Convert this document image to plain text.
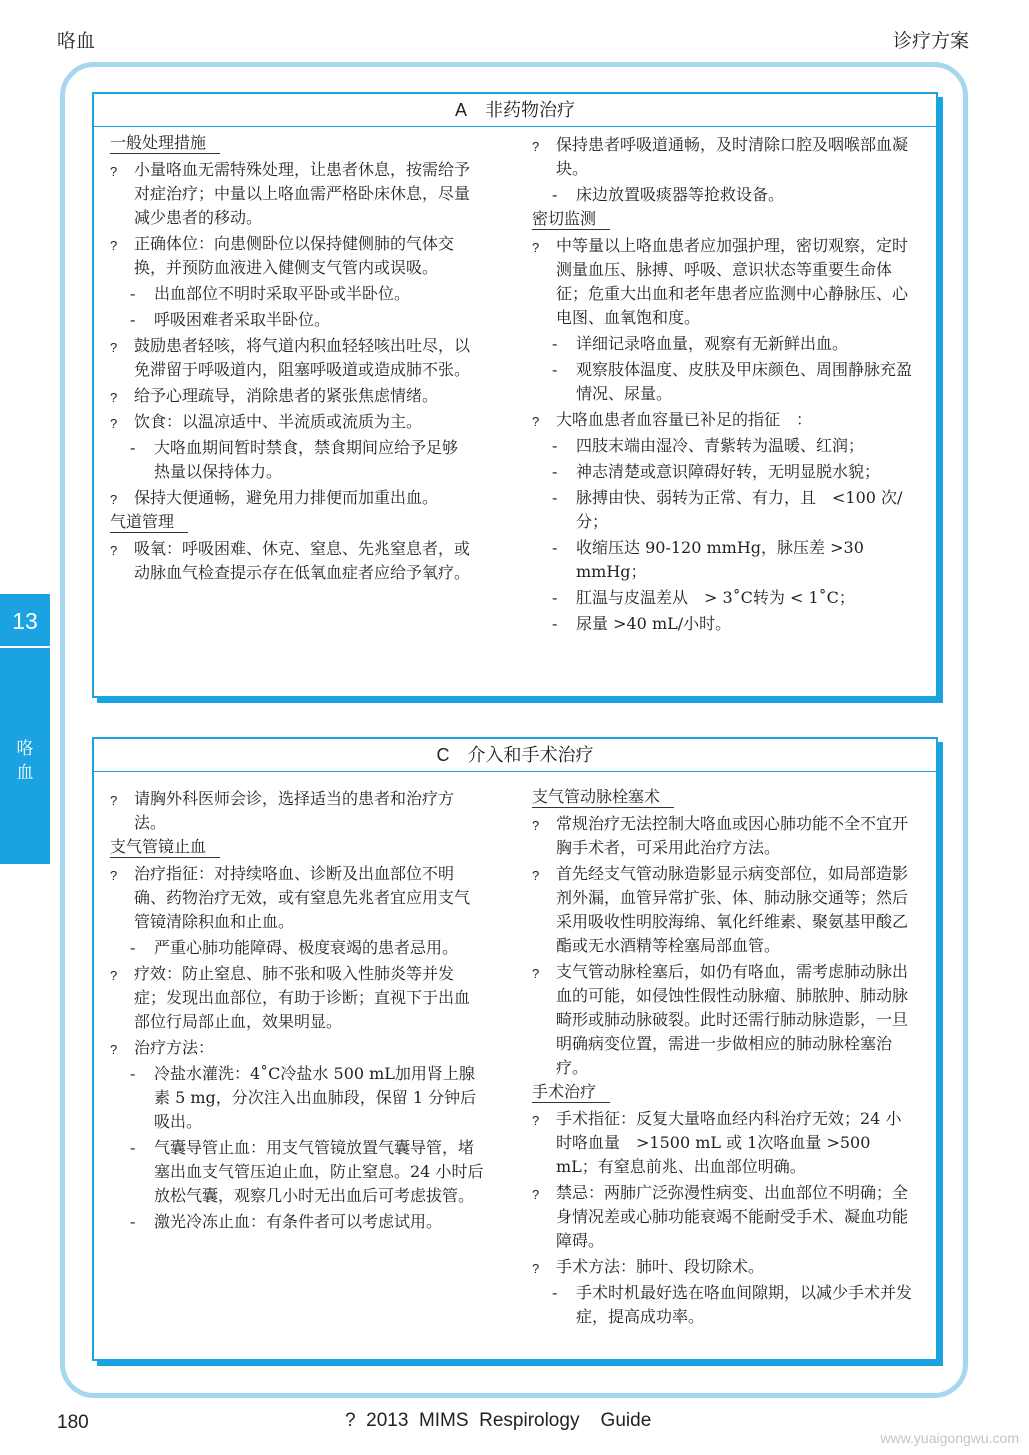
咯血	诊疗方案
13
咯
血
A 非药物治疗
一般处理措施
? 小量咯血无需特殊处理，让患者休息，按需给予对症治疗；中量以上咯血需严格卧床休息，尽量减少患者的移动。
? 正确体位：向患侧卧位以保持健侧肺的气体交换，并预防血液进入健侧支气管内或误吸。
- 出血部位不明时采取平卧或半卧位。
- 呼吸困难者采取半卧位。
? 鼓励患者轻咳，将气道内积血轻轻咳出吐尽，以免滞留于呼吸道内，阻塞呼吸道或造成肺不张。
? 给予心理疏导，消除患者的紧张焦虑情绪。
? 饮食：以温凉适中、半流质或流质为主。
- 大咯血期间暂时禁食，禁食期间应给予足够热量以保持体力。
? 保持大便通畅，避免用力排便而加重出血。
气道管理
? 吸氧：呼吸困难、休克、窒息、先兆窒息者，或动脉血气检查提示存在低氧血症者应给予氧疗。
? 保持患者呼吸道通畅，及时清除口腔及咽喉部血凝块。
- 床边放置吸痰器等抢救设备。
密切监测
? 中等量以上咯血患者应加强护理，密切观察，定时测量血压、脉搏、呼吸、意识状态等重要生命体征；危重大出血和老年患者应监测中心静脉压、心电图、血氧饱和度。
- 详细记录咯血量，观察有无新鲜出血。
- 观察肢体温度、皮肤及甲床颜色、周围静脉充盈情况、尿量。
? 大咯血患者血容量已补足的指征　：
- 四肢末端由湿冷、青紫转为温暖、红润；
- 神志清楚或意识障碍好转，无明显脱水貌；
- 脉搏由快、弱转为正常、有力，且　<100 次/分；
- 收缩压达 90-120 mmHg，脉压差 >30 mmHg；
- 肛温与皮温差从　> 3˚C转为 < 1˚C；
- 尿量 >40 mL/小时。
C 介入和手术治疗
? 请胸外科医师会诊，选择适当的患者和治疗方法。
支气管镜止血
? 治疗指征：对持续咯血、诊断及出血部位不明确、药物治疗无效，或有窒息先兆者宜应用支气管镜清除积血和止血。
- 严重心肺功能障碍、极度衰竭的患者忌用。
? 疗效：防止窒息、肺不张和吸入性肺炎等并发症；发现出血部位，有助于诊断；直视下于出血部位行局部止血，效果明显。
? 治疗方法：
- 冷盐水灌洗：4˚C冷盐水 500 mL加用肾上腺素 5 mg，分次注入出血肺段，保留 1 分钟后吸出。
- 气囊导管止血：用支气管镜放置气囊导管，堵塞出血支气管压迫止血，防止窒息。24 小时后放松气囊，观察几小时无出血后可考虑拔管。
- 激光冷冻止血：有条件者可以考虑试用。
支气管动脉栓塞术
? 常规治疗无法控制大咯血或因心肺功能不全不宜开胸手术者，可采用此治疗方法。
? 首先经支气管动脉造影显示病变部位，如局部造影剂外漏，血管异常扩张、体、肺动脉交通等；然后采用吸收性明胶海绵、氧化纤维素、聚氨基甲酸乙酯或无水酒精等栓塞局部血管。
? 支气管动脉栓塞后，如仍有咯血，需考虑肺动脉出血的可能，如侵蚀性假性动脉瘤、肺脓肿、肺动脉畸形或肺动脉破裂。此时还需行肺动脉造影，一旦明确病变位置，需进一步做相应的肺动脉栓塞治疗。
手术治疗
? 手术指征：反复大量咯血经内科治疗无效；24 小时咯血量　>1500 mL 或 1次咯血量 >500 mL；有窒息前兆、出血部位明确。
? 禁忌：两肺广泛弥漫性病变、出血部位不明确；全身情况差或心肺功能衰竭不能耐受手术、凝血功能障碍。
? 手术方法：肺叶、段切除术。
- 手术时机最好选在咯血间隙期，以减少手术并发症，提高成功率。
180	?  2013  MIMS  Respirology    Guide
www.yuaigongwu.com
